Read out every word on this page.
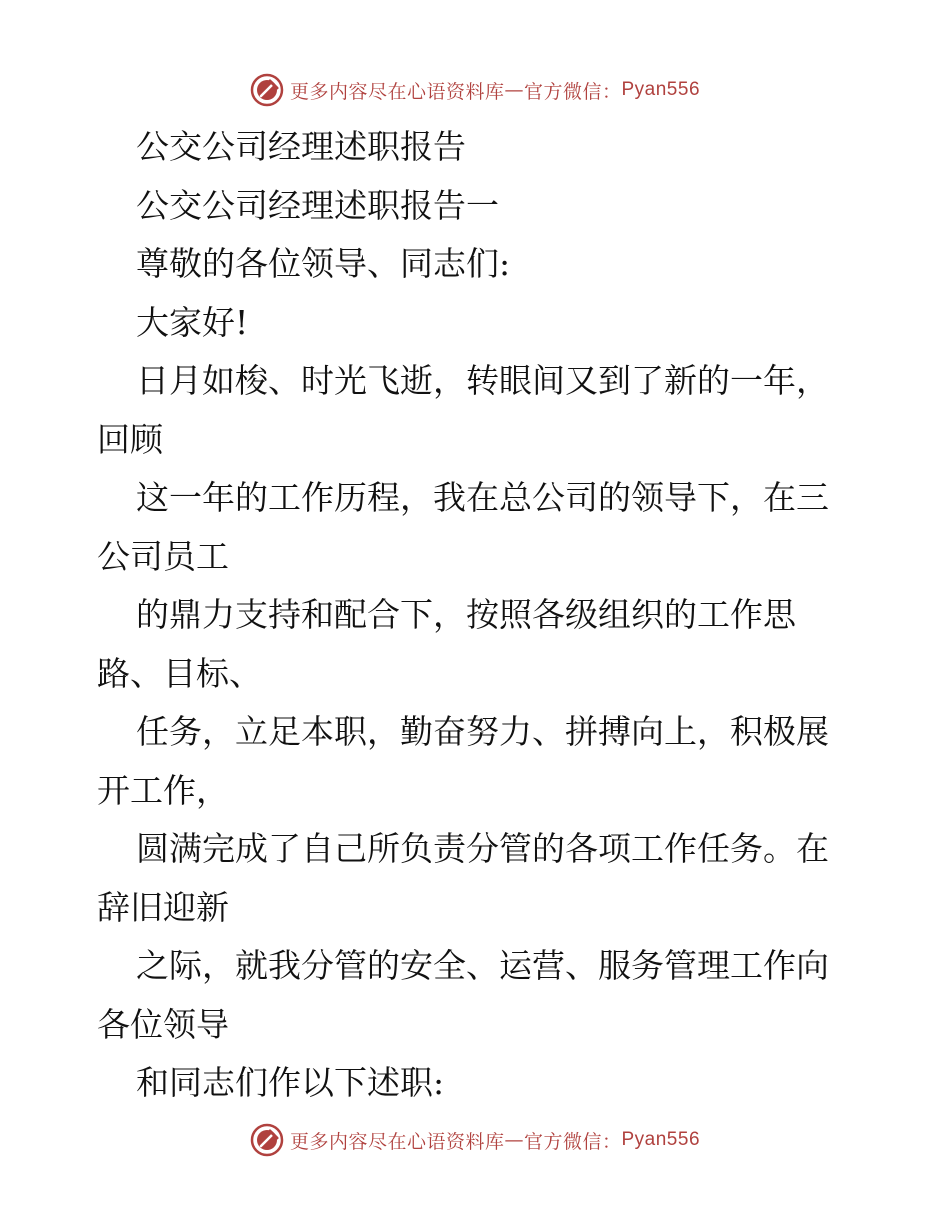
更多内容尽在心语资料库 — 官方微信： Pyan556
公交公司经理述职报告
公交公司经理述职报告一
尊敬的各位领导、同志们:
大家好!
日月如梭、时光飞逝，转眼间又到了新的一年，
回顾
这一年的工作历程，我在总公司的领导下，在三
公司员工
的鼎力支持和配合下，按照各级组织的工作思
路、目标、
任务，立足本职，勤奋努力、拼搏向上，积极展
开工作，
圆满完成了自己所负责分管的各项工作任务。在
辞旧迎新
之际，就我分管的安全、运营、服务管理工作向
各位领导
和同志们作以下述职:
更多内容尽在心语资料库 — 官方微信： Pyan556
